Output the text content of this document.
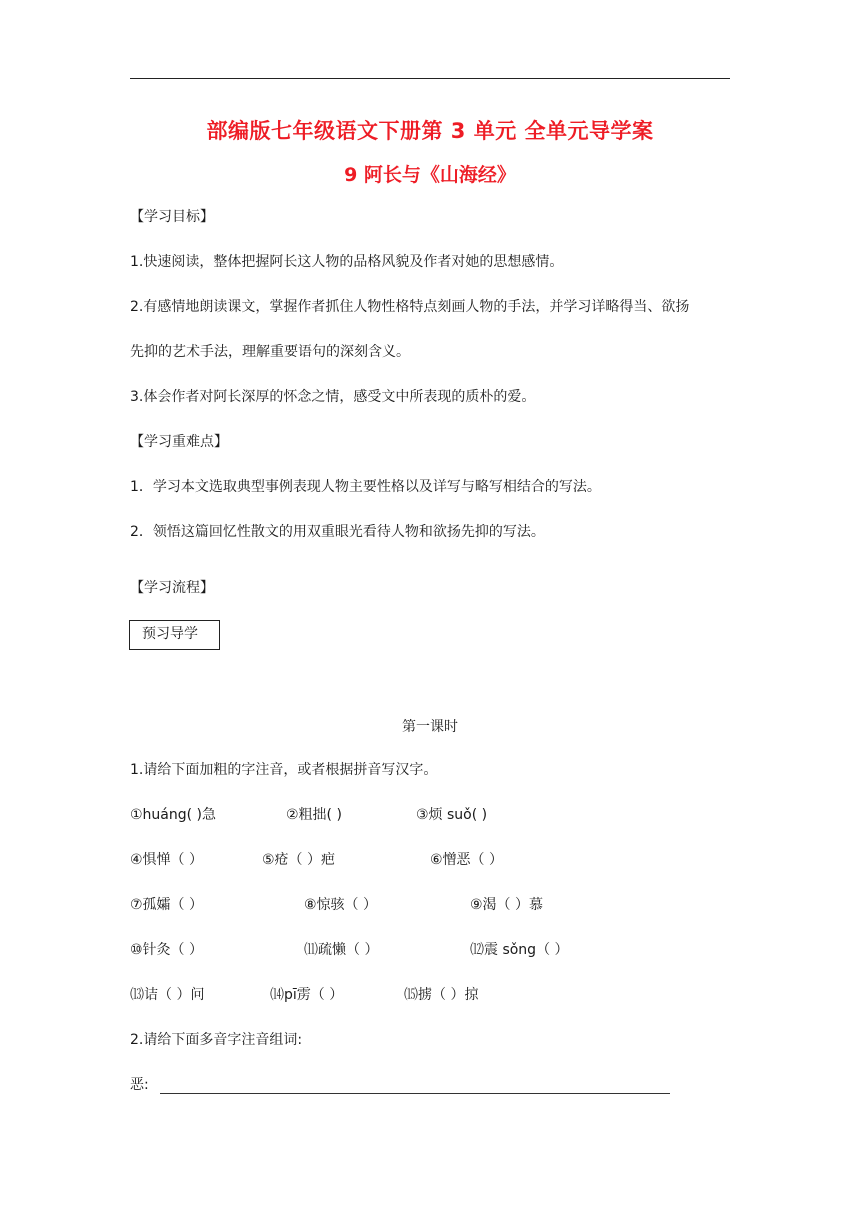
部编版七年级语文下册第 3 单元 全单元导学案
9 阿长与《山海经》
【学习目标】
1.快速阅读，整体把握阿长这人物的品格风貌及作者对她的思想感情。
2.有感情地朗读课文，掌握作者抓住人物性格特点刻画人物的手法，并学习详略得当、欲扬
先抑的艺术手法，理解重要语句的深刻含义。
3.体会作者对阿长深厚的怀念之情，感受文中所表现的质朴的爱。
【学习重难点】
1．学习本文选取典型事例表现人物主要性格以及详写与略写相结合的写法。
2．领悟这篇回忆性散文的用双重眼光看待人物和欲扬先抑的写法。
【学习流程】
预习导学
第一课时
1.请给下面加粗的字注音，或者根据拼音写汉字。
①huáng( )急	②粗拙( )	③烦 suǒ( )
④惧惮（ ）	⑤疮（ ）疤	⑥憎恶（ ）
⑦孤孀（ ）	⑧惊骇（ ）	⑨渴（ ）慕
⑩针灸（ ）	⑾疏懒（ ）	⑿震 sǒng（ ）
⒀诘（ ）问	⒁pī雳（ ）	⒂掳（ ）掠
2.请给下面多音字注音组词:
恶:
